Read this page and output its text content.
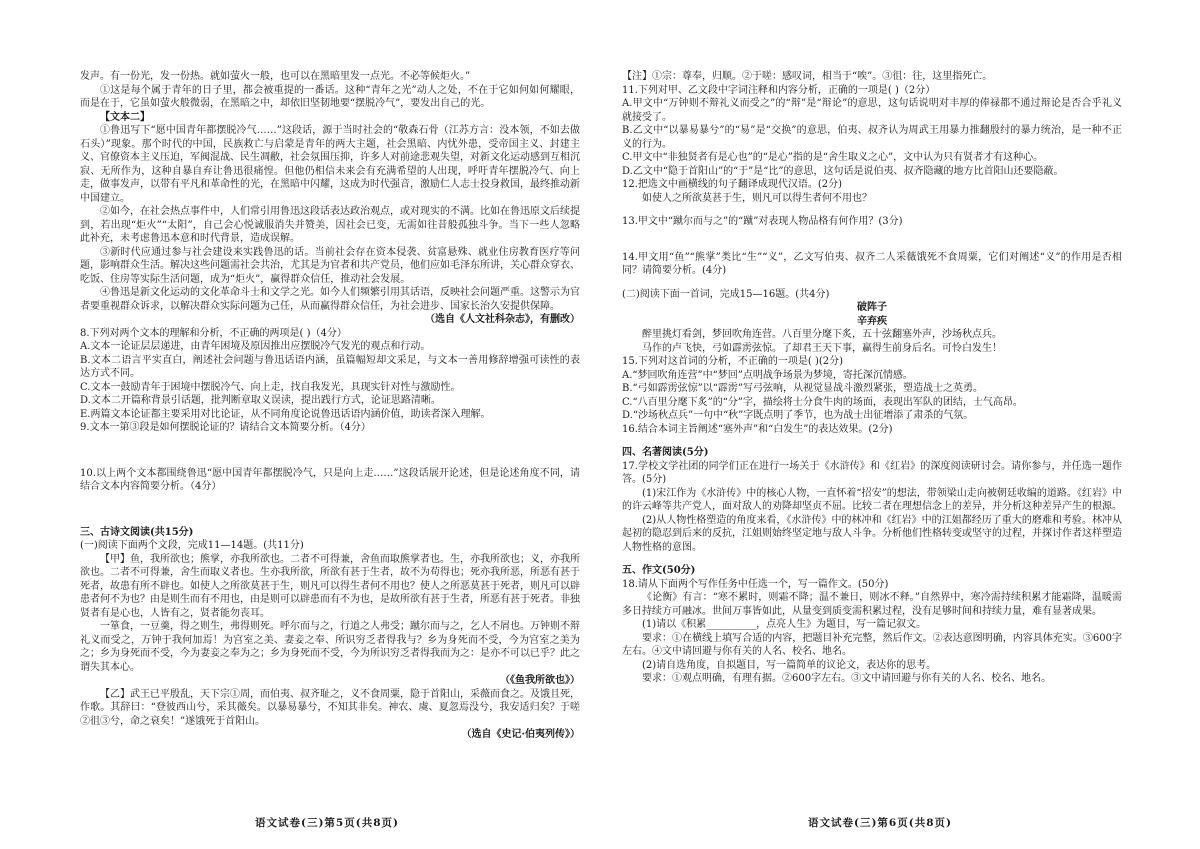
发声。有一份光，发一份热。就如萤火一般，也可以在黑暗里发一点光。不必等候炬火。”

①这是每个属于青年的日子里，都会被重提的一番话。这种“青年之光”动人之处，不在于它如何如何耀眼，而是在于，它虽如萤火般微弱，在黑暗之中，却依旧坚韧地要“摆脱冷气”，要发出自己的光。

【文本二】

①鲁迅写下“愿中国青年都摆脱冷气……”这段话，源于当时社会的“敬森石骨（江苏方言：没本领，不如去做石头）”现象。那个时代的中国，民族救亡与启蒙是青年的两大主题，社会黑暗、内忧外患，受帝国主义、封建主义、官僚资本主义压迫，军阀混战、民生凋敝，社会氛围压抑，许多人对前途悲观失望，对新文化运动感到互相沉寂、无所作为，这种自暴自弃让鲁迅很痛惶。但他仍相信未来会有充满希望的人出现，呼吁青年摆脱冷气、向上走，做事发声，以带有平凡和革命性的光，在黑暗中闪耀，这成为时代强音，激励仁人志士投身救国，最终推动新中国建立。

②如今，在社会热点事件中，人们常引用鲁迅这段话表达政治观点，或对现实的不满。比如在鲁迅原文后续提到，若出现“炬火”“太阳”，自己会心悦诚服消失并赞美，因社会已变，无需如往昔般孤独斗争。当下一些人忽略此补充，未考虑鲁迅本意和时代背景，造成误解。

③新时代应通过参与社会建设来实践鲁迅的话。当前社会存在资本侵袭、贫富悬殊、就业住房教育医疗等问题，影响群众生活。解决这些问题需社会共治，尤其是为官者和共产党员，他们应如毛泽东所讲，关心群众穿衣、吃饭、住房等实际生活问题，成为“炬火”，赢得群众信任，推动社会发展。

④鲁迅是新文化运动的文化革命斗士和文学之光。如今人们频繁引用其话语，反映社会问题严重。这警示为官者要重视群众诉求，以解决群众实际问题为己任，从而赢得群众信任，为社会进步、国家长治久安提供保障。

（选自《人文社科杂志》，有删改）

8.下列对两个文本的理解和分析，不正确的两项是( )（4分）

A.文本一论证层层递进，由青年困境及原因推出应摆脱冷气发光的观点和行动。

B.文本二语言平实直白，阐述社会问题与鲁迅话语内涵，虽篇幅短却文采足，与文本一善用修辞增强可读性的表达方式不同。

C.文本一鼓励青年于困境中摆脱冷气、向上走，找自我发光，具现实针对性与激励性。

D.文本二开篇称背景引话题，批判断章取义误读，提出践行方式，论证思路清晰。

E.两篇文本论证都主要采用对比论证，从不同角度论说鲁迅话语内涵价值，助读者深入理解。

9.文本一第③段是如何摆脱论证的？请结合文本简要分析。（4分）

10.以上两个文本都围绕鲁迅“愿中国青年都摆脱冷气，只是向上走……”这段话展开论述，但是论述角度不同，请结合文本内容简要分析。（4分）

三、古诗文阅读(共15分)

(一)阅读下面两个文段，完成11—14题。(共11分)

【甲】鱼，我所欲也；熊掌，亦我所欲也。二者不可得兼，舍鱼而取熊掌者也。生，亦我所欲也；义，亦我所欲也。二者不可得兼，舍生而取义者也。生亦我所欲，所欲有甚于生者，故不为苟得也；死亦我所恶，所恶有甚于死者，故患有所不辟也。如使人之所欲莫甚于生，则凡可以得生者何不用也？使人之所恶莫甚于死者，则凡可以辟患者何不为也？由是则生而有不用也，由是则可以辟患而有不为也，是故所欲有甚于生者，所恶有甚于死者。非独贤者有是心也，人皆有之，贤者能勿丧耳。

一箪食，一豆羹，得之则生，弗得则死。呼尔而与之，行道之人弗受；蹴尔而与之，乞人不屑也。万钟则不辩礼义而受之，万钟于我何加焉！为宫室之美、妻妾之奉、所识穷乏者得我与？乡为身死而不受，今为宫室之美为之；乡为身死而不受，今为妻妾之奉为之；乡为身死而不受，今为所识穷乏者得我而为之：是亦不可以已乎？此之谓失其本心。

（《鱼我所欲也》）

【乙】武王已平殷乱，天下宗①周，而伯夷、叔齐耻之，义不食周粟，隐于首阳山，采薇而食之。及饿且死，作歌。其辞曰：“登彼西山兮，采其薇矣。以暴易暴兮，不知其非矣。神农、虞、夏忽焉没兮，我安适归矣？于嗟②徂③兮，命之衰矣！”遂饿死于首阳山。

（选自《史记·伯夷列传》）

【注】①宗：尊奉，归顺。②于嗟：感叹词，相当于“唉”。③徂：往，这里指死亡。

11.下列对甲、乙文段中字词注释和内容分析，正确的一项是( )（2分）

A.甲文中“万钟则不辩礼义而受之”的“辩”是“辩论”的意思，这句话说明对丰厚的俸禄都不通过辩论是否合乎礼义就接受了。

B.乙文中“以暴易暴兮”的“易”是“交换”的意思，伯夷、叔齐认为周武王用暴力推翻殷纣的暴力统治，是一种不正义的行为。

C.甲文中“非独贤者有是心也”的“是心”指的是“舍生取义之心”，文中认为只有贤者才有这种心。

D.乙文中“隐于首阳山”的“于”是“比”的意思，这句话是说伯夷、叔齐隐藏的地方比首阳山还要隐蔽。

12.把选文中画横线的句子翻译成现代汉语。(2分)

如使人之所欲莫甚于生，则凡可以得生者何不用也？

13.甲文中“蹴尔而与之”的“蹴”对表现人物品格有何作用？(3分)

14.甲文用“鱼”“熊掌”类比“生”“义”，乙文写伯夷、叔齐二人采薇饿死不食周粟，它们对阐述“义”的作用是否相同？请简要分析。(4分)

(二)阅读下面一首词，完成15—16题。(共4分)

破阵子

辛弃疾

醉里挑灯看剑，梦回吹角连营。八百里分麾下炙，五十弦翻塞外声，沙场秋点兵。

马作的卢飞快，弓如霹雳弦惊。了却君王天下事，赢得生前身后名。可怜白发生！

15.下列对这首词的分析，不正确的一项是( )(2分)

A.“梦回吹角连营”中“梦回”点明战争场景为梦境，寄托深沉情感。

B.“弓如霹雳弦惊”以“霹雳”写弓弦响，从视觉显战斗激烈紧张，塑造战士之英勇。

C.“八百里分麾下炙”的“分”字，描绘将士分食牛肉的场面，表现出军队的团结，士气高昂。

D.“沙场秋点兵”一句中“秋”字既点明了季节，也为战士出征增添了肃杀的气氛。

16.结合本词主旨阐述“塞外声”和“白发生”的表达效果。(2分)

四、名著阅读(5分)

17.学校文学社团的同学们正在进行一场关于《水浒传》和《红岩》的深度阅读研讨会。请你参与，并任选一题作答。(5分)

(1)宋江作为《水浒传》中的核心人物，一直怀着“招安”的想法，带领梁山走向被朝廷收编的道路。《红岩》中的许云峰等共产党人，面对敌人的劝降却坚贞不屈。比较二者在理想信念上的差异，并分析这种差异产生的根源。

(2)从人物性格塑造的角度来看，《水浒传》中的林冲和《红岩》中的江姐都经历了重大的磨难和考验。林冲从起初的隐忍到后来的反抗，江姐则始终坚定地与敌人斗争。分析他们性格转变或坚守的过程，并探讨作者这样塑造人物性格的意图。

五、作文(50分)

18.请从下面两个写作任务中任选一个，写一篇作文。(50分)

《论衡》有言：“寒不累时，则霜不降；温不兼日，则冰不释。”自然界中，寒冷需持续积累才能霜降，温暖需多日持续方可融冰。世间万事皆如此，从量变到质变需积累过程，没有足够时间和持续力量，难有显著成果。

(1)请以《积累__________，点亮人生》为题目，写一篇记叙文。

要求：①在横线上填写合适的内容，把题目补充完整，然后作文。②表达意图明确，内容具体充实。③600字左右。④文中请回避与你有关的人名、校名、地名。

(2)请自选角度，自拟题目，写一篇简单的议论文，表达你的思考。

要求：①观点明确，有理有据。②600字左右。③文中请回避与你有关的人名、校名、地名。

语文试卷(三)第5页(共8页)	语文试卷(三)第6页(共8页)
